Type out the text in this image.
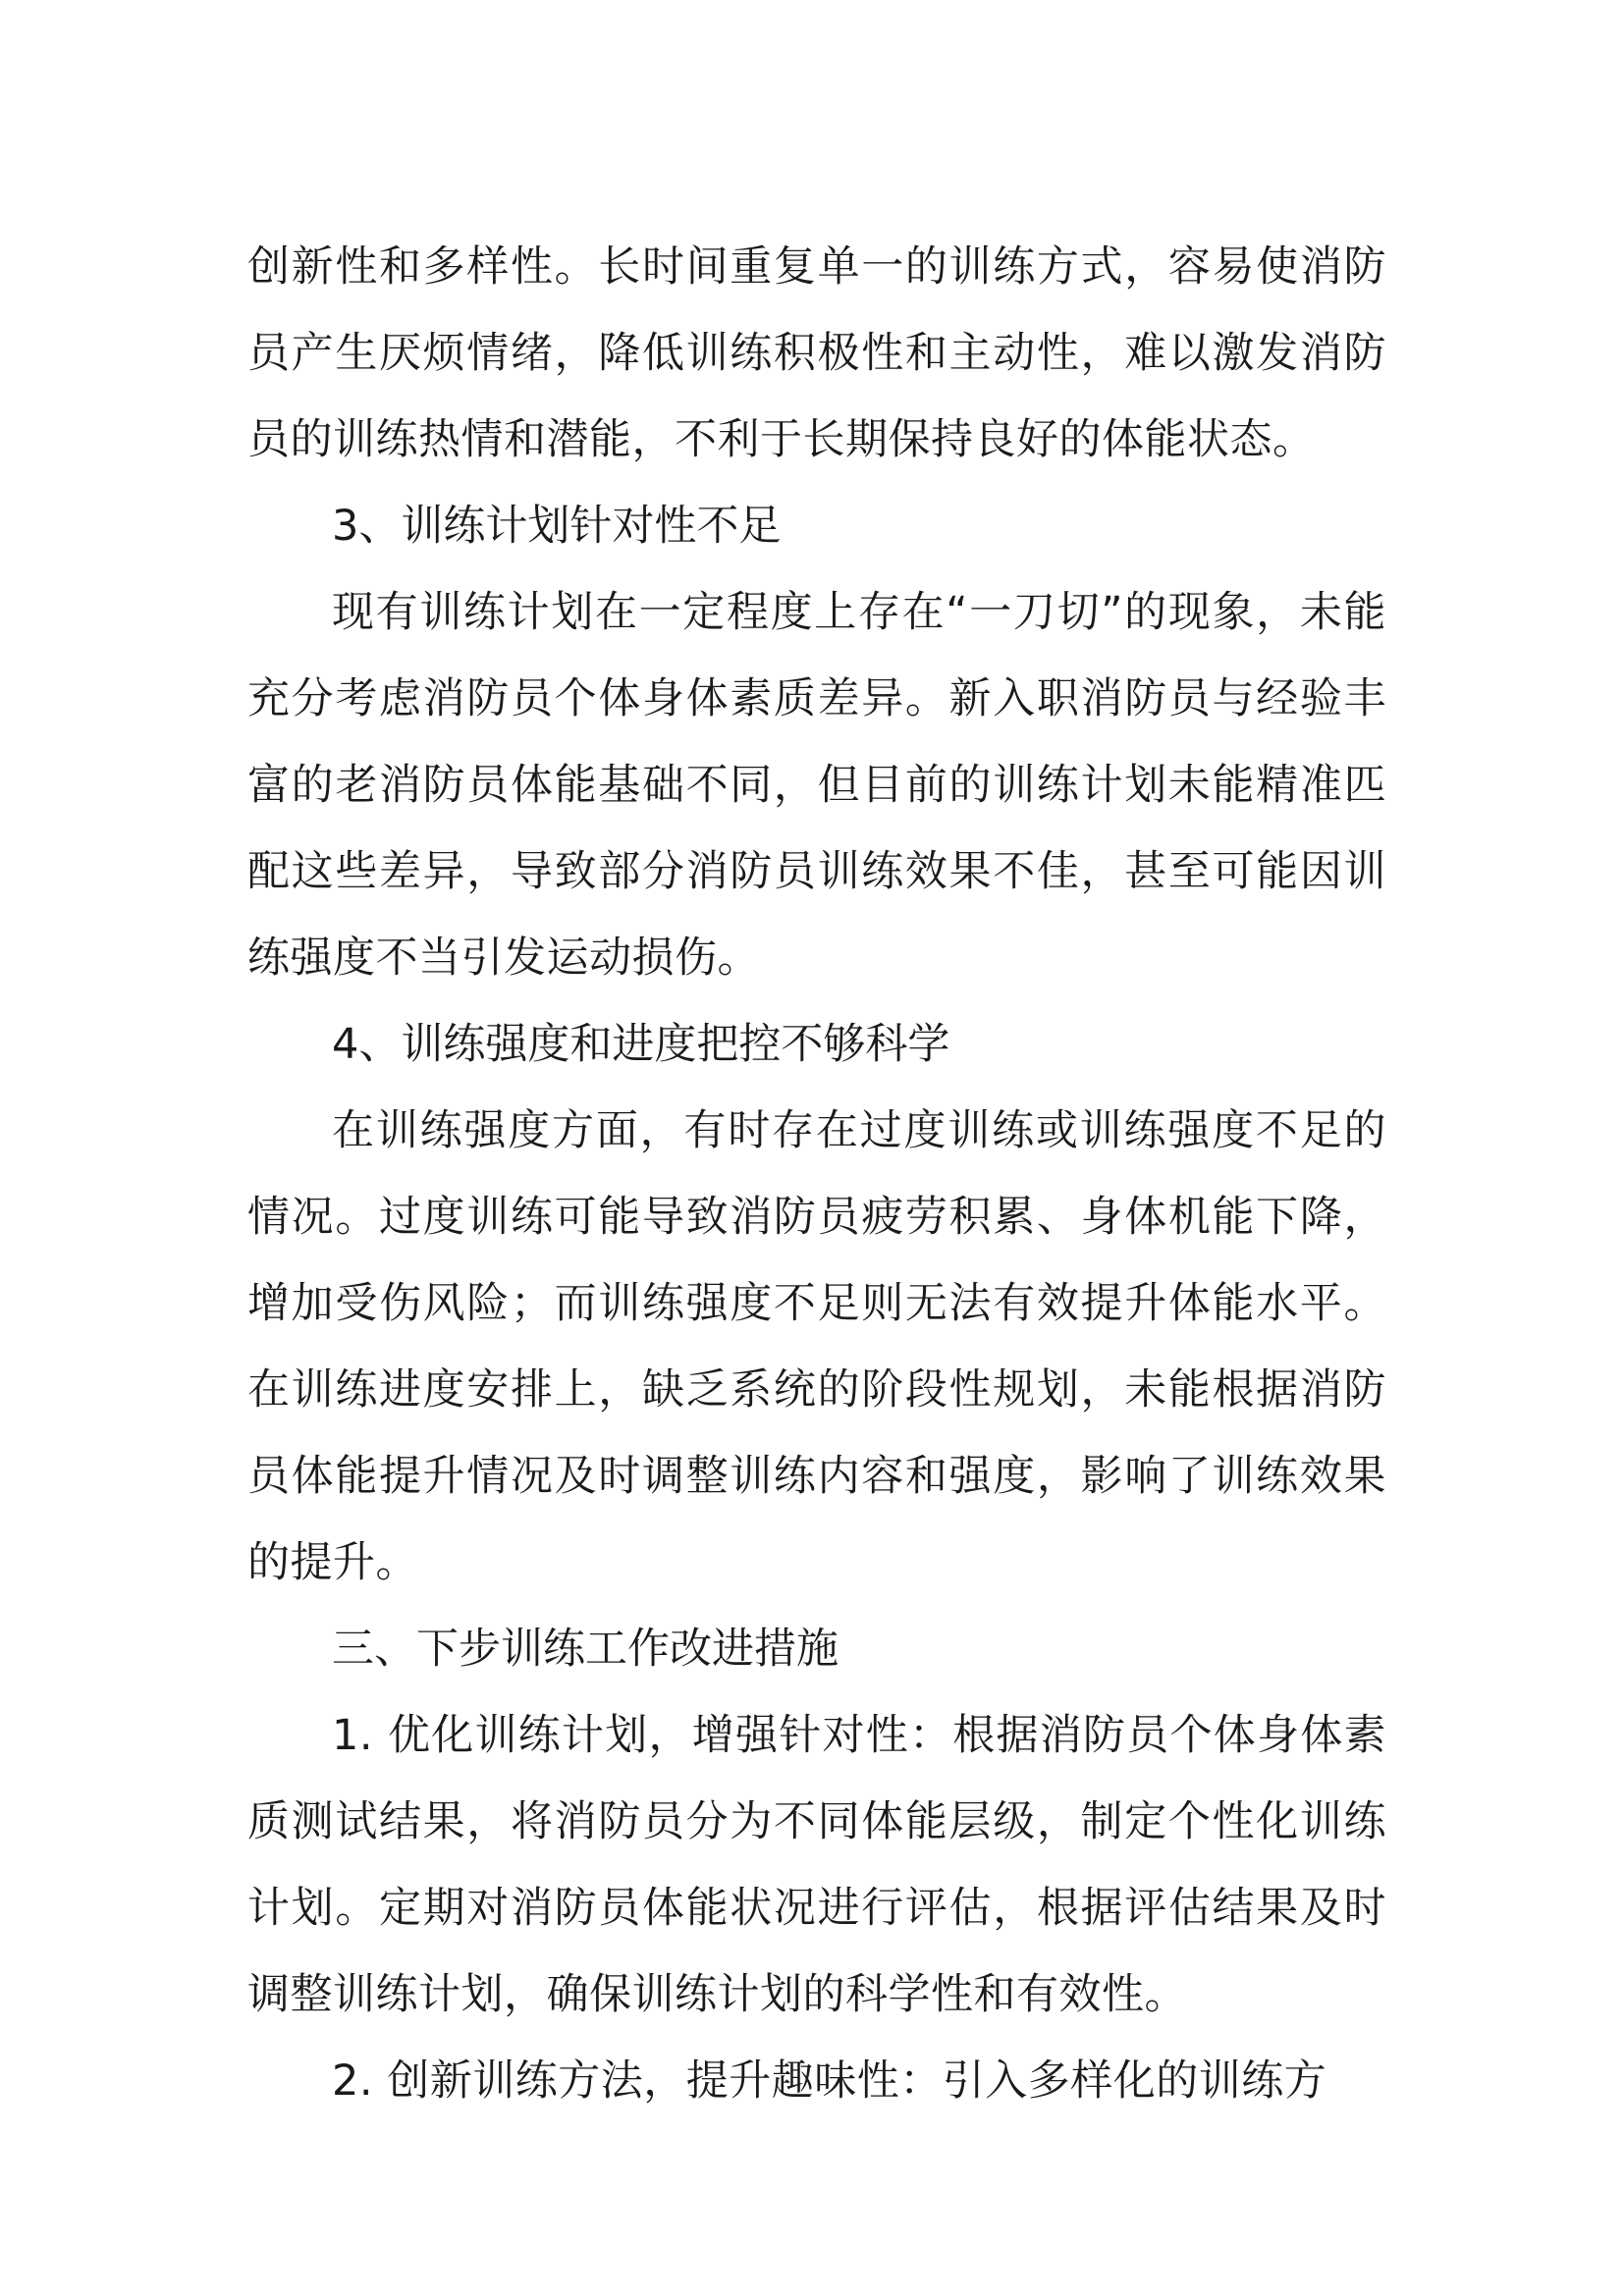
创新性和多样性。长时间重复单一的训练方式，容易使消防员产生厌烦情绪，降低训练积极性和主动性，难以激发消防员的训练热情和潜能，不利于长期保持良好的体能状态。

3、训练计划针对性不足

现有训练计划在一定程度上存在“一刀切”的现象，未能充分考虑消防员个体身体素质差异。新入职消防员与经验丰富的老消防员体能基础不同，但目前的训练计划未能精准匹配这些差异，导致部分消防员训练效果不佳，甚至可能因训练强度不当引发运动损伤。

4、训练强度和进度把控不够科学

在训练强度方面，有时存在过度训练或训练强度不足的情况。过度训练可能导致消防员疲劳积累、身体机能下降，增加受伤风险；而训练强度不足则无法有效提升体能水平。在训练进度安排上，缺乏系统的阶段性规划，未能根据消防员体能提升情况及时调整训练内容和强度，影响了训练效果的提升。

三、下步训练工作改进措施

1. 优化训练计划，增强针对性：根据消防员个体身体素质测试结果，将消防员分为不同体能层级，制定个性化训练计划。定期对消防员体能状况进行评估，根据评估结果及时调整训练计划，确保训练计划的科学性和有效性。

2. 创新训练方法，提升趣味性：引入多样化的训练方
